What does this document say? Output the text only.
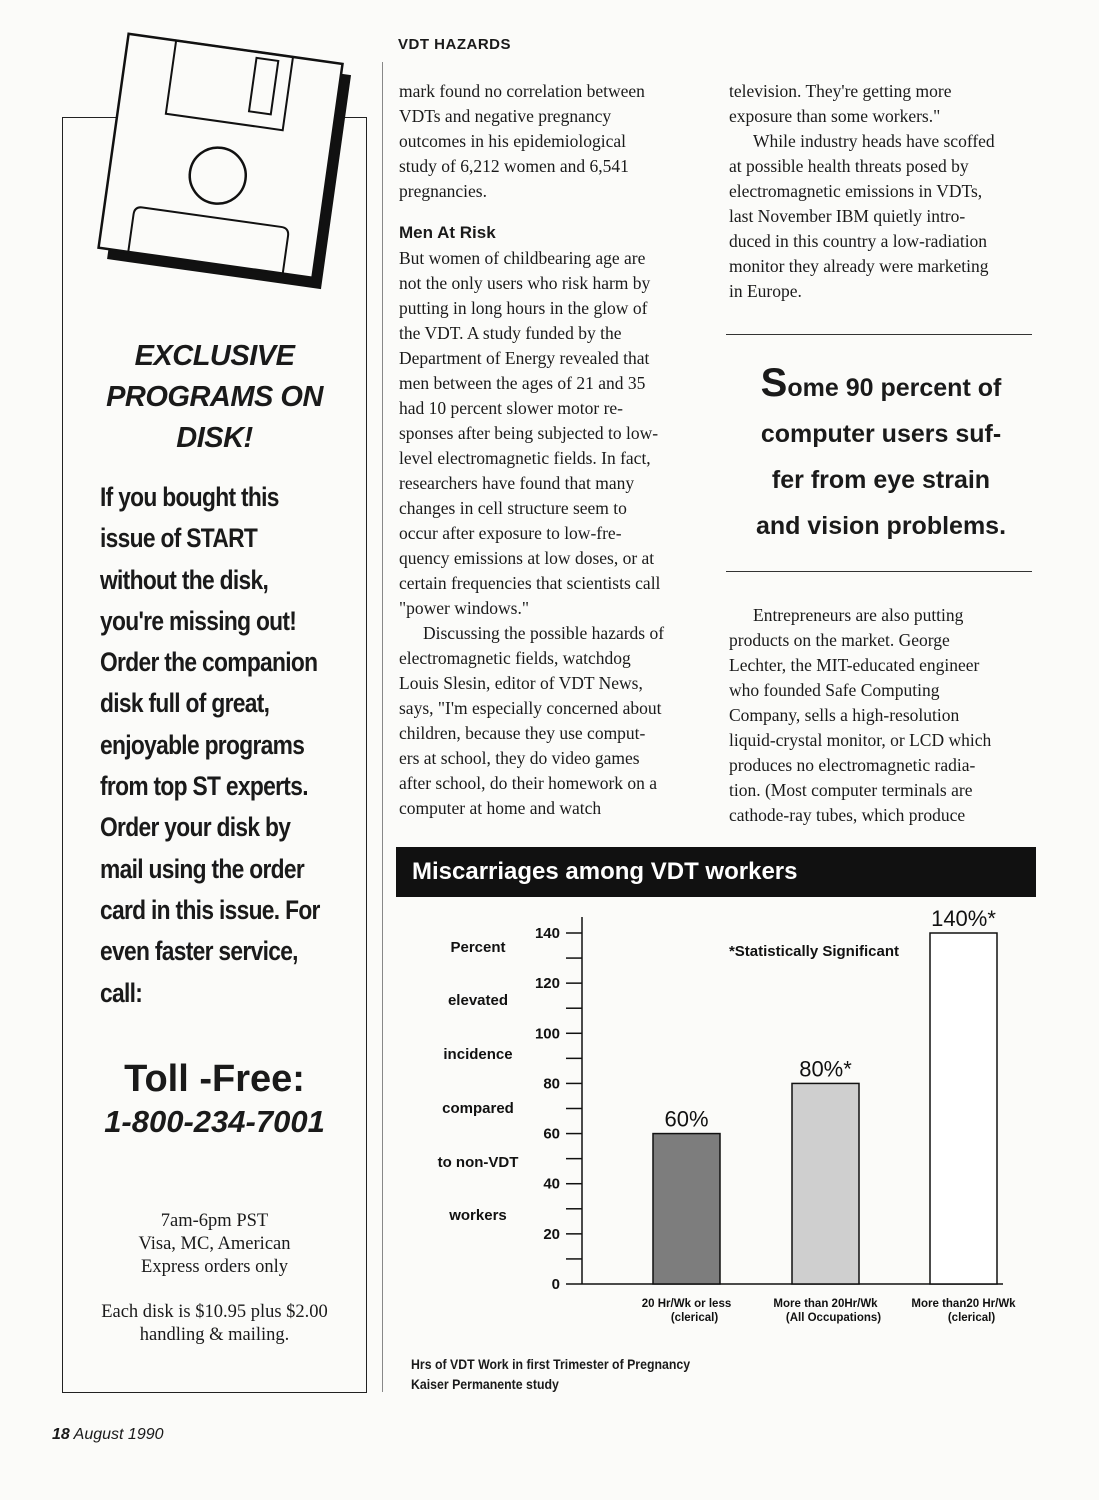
VDT HAZARDS
EXCLUSIVE
PROGRAMS ON
DISK!
If you bought this
issue of START
without the disk,
you're missing out!
Order the companion
disk full of great,
enjoyable programs
from top ST experts.
Order your disk by
mail using the order
card in this issue. For
even faster service,
call:
Toll -Free:
1-800-234-7001
7am-6pm PST
Visa, MC, American
Express orders only
Each disk is $10.95 plus $2.00
handling & mailing.

mark found no correlation between
VDTs and negative pregnancy
outcomes in his epidemiological
study of 6,212 women and 6,541
pregnancies.

Men At Risk

But women of childbearing age are
not the only users who risk harm by
putting in long hours in the glow of
the VDT. A study funded by the
Department of Energy revealed that
men between the ages of 21 and 35
had 10 percent slower motor re-
sponses after being subjected to low-
level electromagnetic fields. In fact,
researchers have found that many
changes in cell structure seem to
occur after exposure to low-fre-
quency emissions at low doses, or at
certain frequencies that scientists call
"power windows."

Discussing the possible hazards of
electromagnetic fields, watchdog
Louis Slesin, editor of VDT News,
says, "I'm especially concerned about
children, because they use comput-
ers at school, they do video games
after school, do their homework on a
computer at home and watch

television. They're getting more
exposure than some workers."

While industry heads have scoffed
at possible health threats posed by
electromagnetic emissions in VDTs,
last November IBM quietly intro-
duced in this country a low-radiation
monitor they already were marketing
in Europe.

Some 90 percent of
computer users suf-
fer from eye strain
and vision problems.

Entrepreneurs are also putting
products on the market. George
Lechter, the MIT-educated engineer
who founded Safe Computing
Company, sells a high-resolution
liquid-crystal monitor, or LCD which
produces no electromagnetic radia-
tion. (Most computer terminals are
cathode-ray tubes, which produce

Miscarriages among VDT workers
0
20
40
60
80
100
120
140
Percent
elevated
incidence
compared
to non-VDT
workers
60%
20 Hr/Wk or less
(clerical)
80%*
More than 20Hr/Wk
(All Occupations)
140%*
More than20 Hr/Wk
(clerical)
*Statistically Significant
Hrs of VDT Work in first Trimester of Pregnancy
Kaiser Permanente study
18 August 1990
